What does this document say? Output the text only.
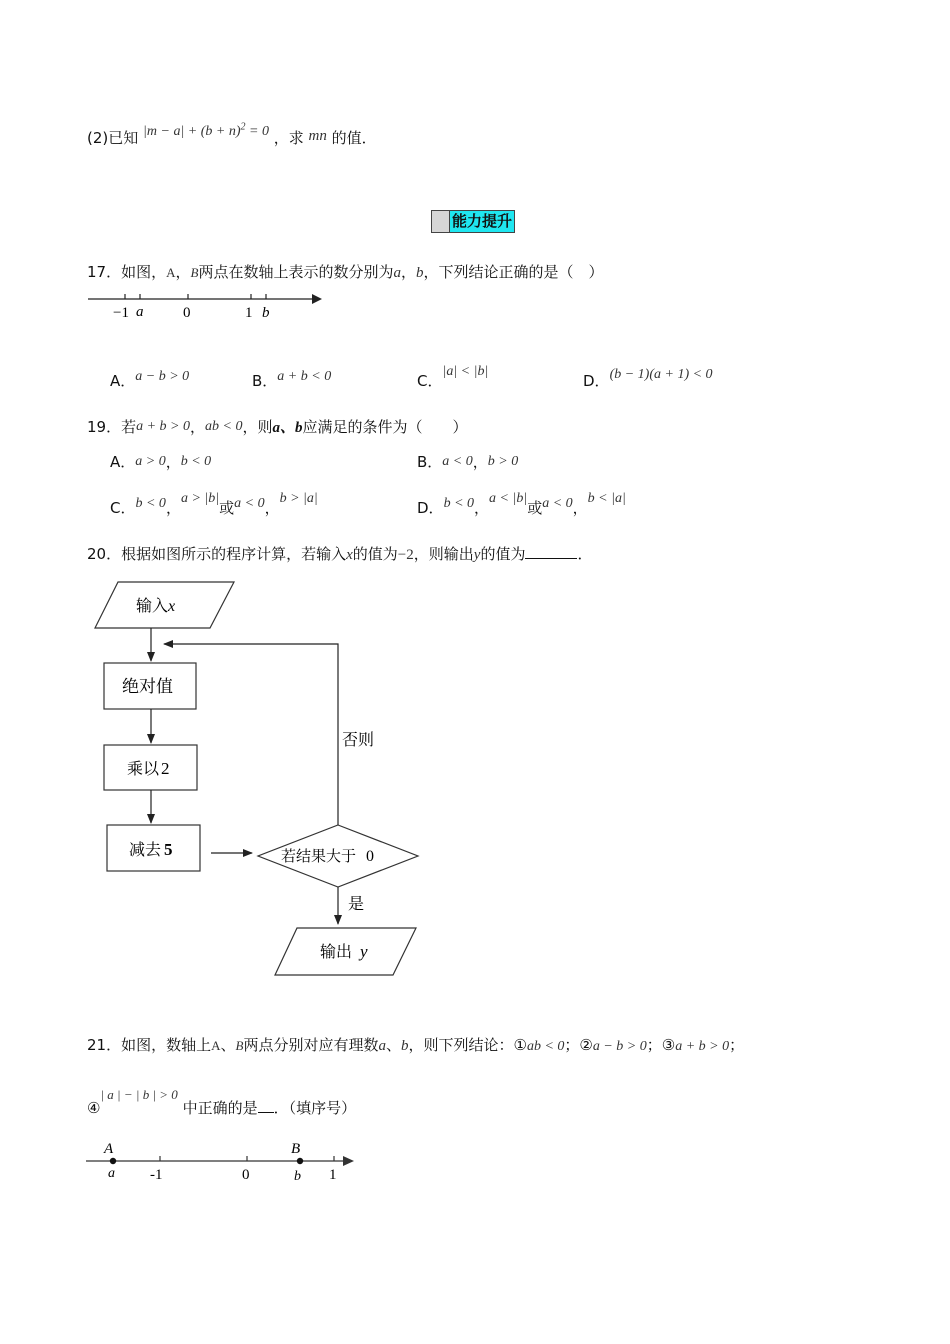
(2)已知 $|m - a| + (b + n)^2 = 0$ ，求 mn 的值．
能力提升
17．如图，A，B两点在数轴上表示的数分别为a，b，下列结论正确的是（　）
−1 a	0	1 b
A．a − b > 0	B．a + b < 0	C．|a| < |b|
D．(b − 1)(a + 1) < 0
19．若a + b > 0，ab < 0，则a、b应满足的条件为（　　）
A．a > 0，b < 0	B．a < 0，b > 0
C．b < 0，a > |b|或a < 0，b > |a|
D．b < 0，a < |b|或a < 0，b < |a|
20．根据如图所示的程序计算，若输入x的值为−2，则输出y的值为	．
输入 x
绝对值
乘以 2
减去 5	若结果大于 0
否则
是
输出 y
21．如图，数轴上A、B两点分别对应有理数a、b，则下列结论：①ab < 0；②a − b > 0；③a + b > 0；
④| a | − | b | > 0 中正确的是 ．（填序号）
A
a -1	0
B
b 1
